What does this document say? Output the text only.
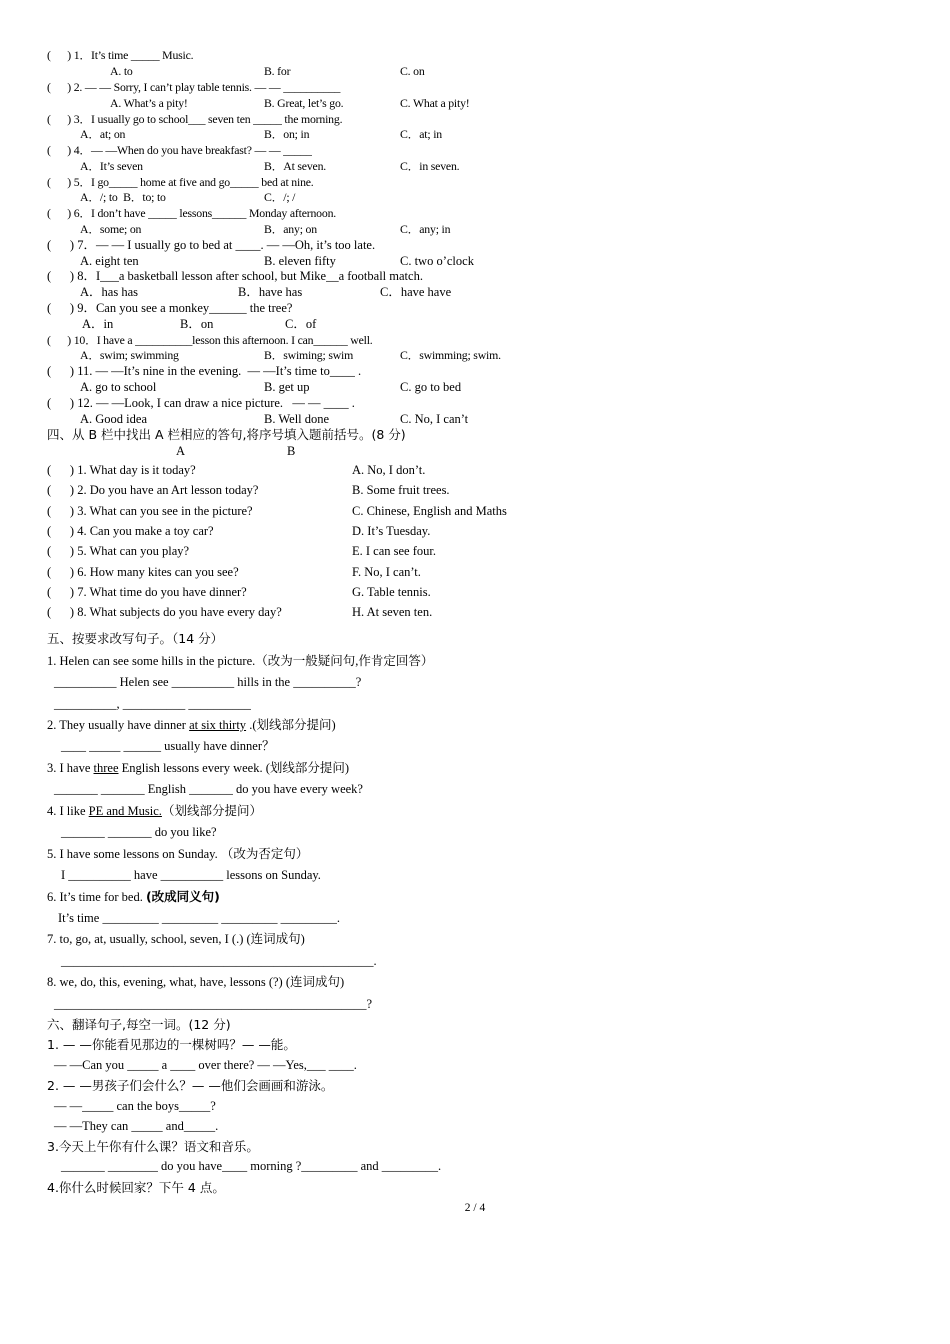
(      ) 1．It’s time _____ Music.
A. to	B. for	C. on
(      ) 2. — — Sorry, I can’t play table tennis. — — __________
A. What’s a pity!	B. Great, let’s go.	C. What a pity!
(      ) 3．I usually go to school___ seven ten _____ the morning.
A．at; on	B．on; in	C．at; in
(      ) 4．— —When do you have breakfast? — — _____
A．It’s seven	B．At seven.	C．in seven.
(      ) 5．I go_____ home at five and go_____ bed at nine.
A．/; to  B．to; to	C．/; /
(      ) 6．I don’t have _____ lessons______ Monday afternoon.
A．some; on	B．any; on	C．any; in
(      ) 7．— — I usually go to bed at ____. — —Oh, it’s too late.
A. eight ten	B. eleven fifty	C. two o’clock
(      ) 8．I___a basketball lesson after school, but Mike__a football match.
A．has has	B．have has	C．have have
(      ) 9．Can you see a monkey______ the tree?
A．in	B．on	C．of
(      ) 10．I have a __________lesson this afternoon. I can______ well.
A．swim; swimming	B．swiming; swim	C．swimming; swim.
(      ) 11. — —It’s nine in the evening.  — —It’s time to____ .
A. go to school	B. get up	C. go to bed
(      ) 12. — —Look, I can draw a nice picture.   — — ____ .
A. Good idea	B. Well done	C. No, I can’t
四、从 B 栏中找出 A 栏相应的答句,将序号填入题前括号。(8 分)
A	B
(      ) 1. What day is it today?	A. No, I don’t.
(      ) 2. Do you have an Art lesson today?	B. Some fruit trees.
(      ) 3. What can you see in the picture?	C. Chinese, English and Maths
(      ) 4. Can you make a toy car?	D. It’s Tuesday.
(      ) 5. What can you play?	E. I can see four.
(      ) 6. How many kites can you see?	F. No, I can’t.
(      ) 7. What time do you have dinner?	G. Table tennis.
(      ) 8. What subjects do you have every day?	H. At seven ten.
五、按要求改写句子。（14 分）
1. Helen can see some hills in the picture.（改为一般疑问句,作肯定回答）
__________ Helen see __________ hills in the __________?
__________, __________ __________
2. They usually have dinner at six thirty .(划线部分提问)
____ _____ ______ usually have dinner？
3. I have three English lessons every week. (划线部分提问)
_______ _______ English _______ do you have every week?
4. I like PE and Music.（划线部分提问）
_______ _______ do you like?
5. I have some lessons on Sunday. （改为否定句）
I __________ have __________ lessons on Sunday.
6. It’s time for bed. (改成同义句)
It’s time _________ _________ _________ _________.
7. to, go, at, usually, school, seven, I (.) (连词成句)
__________________________________________________.
8. we, do, this, evening, what, have, lessons (?) (连词成句)
__________________________________________________?
六、翻译句子,每空一词。(12 分)
1. — —你能看见那边的一棵树吗？— —能。
— —Can you _____ a ____ over there? — —Yes,___ ____.
2. — —男孩子们会什么？— —他们会画画和游泳。
— —_____ can the boys_____?
— —They can _____ and_____.
3.今天上午你有什么课？语文和音乐。
_______ ________ do you have____ morning ?_________ and _________.
4.你什么时候回家？下午 4 点。
2 / 4
